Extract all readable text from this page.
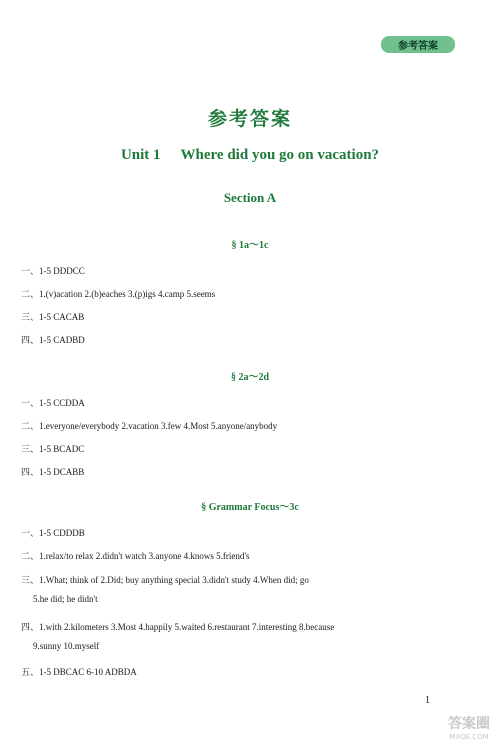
参考答案
参考答案
Unit 1 Where did you go on vacation?
Section A
§ 1a～1c
一、1-5 DDDCC
二、1.(v)acation 2.(b)eaches 3.(p)igs 4.camp 5.seems
三、1-5 CACAB
四、1-5 CADBD
§ 2a～2d
一、1-5 CCDDA
二、1.everyone/everybody 2.vacation 3.few 4.Most 5.anyone/anybody
三、1-5 BCADC
四、1-5 DCABB
§ Grammar Focus～3c
一、1-5 CDDDB
二、1.relax/to relax 2.didn't watch 3.anyone 4.knows 5.friend's
三、1.What; think of 2.Did; buy anything special 3.didn't study 4.When did; go
5.he did; he didn't
四、1.with 2.kilometers 3.Most 4.happily 5.waited 6.restaurant 7.interesting 8.because
9.sunny 10.myself
五、1-5 DBCAC 6-10 ADBDA
1
答案圈
MXQE.COM
